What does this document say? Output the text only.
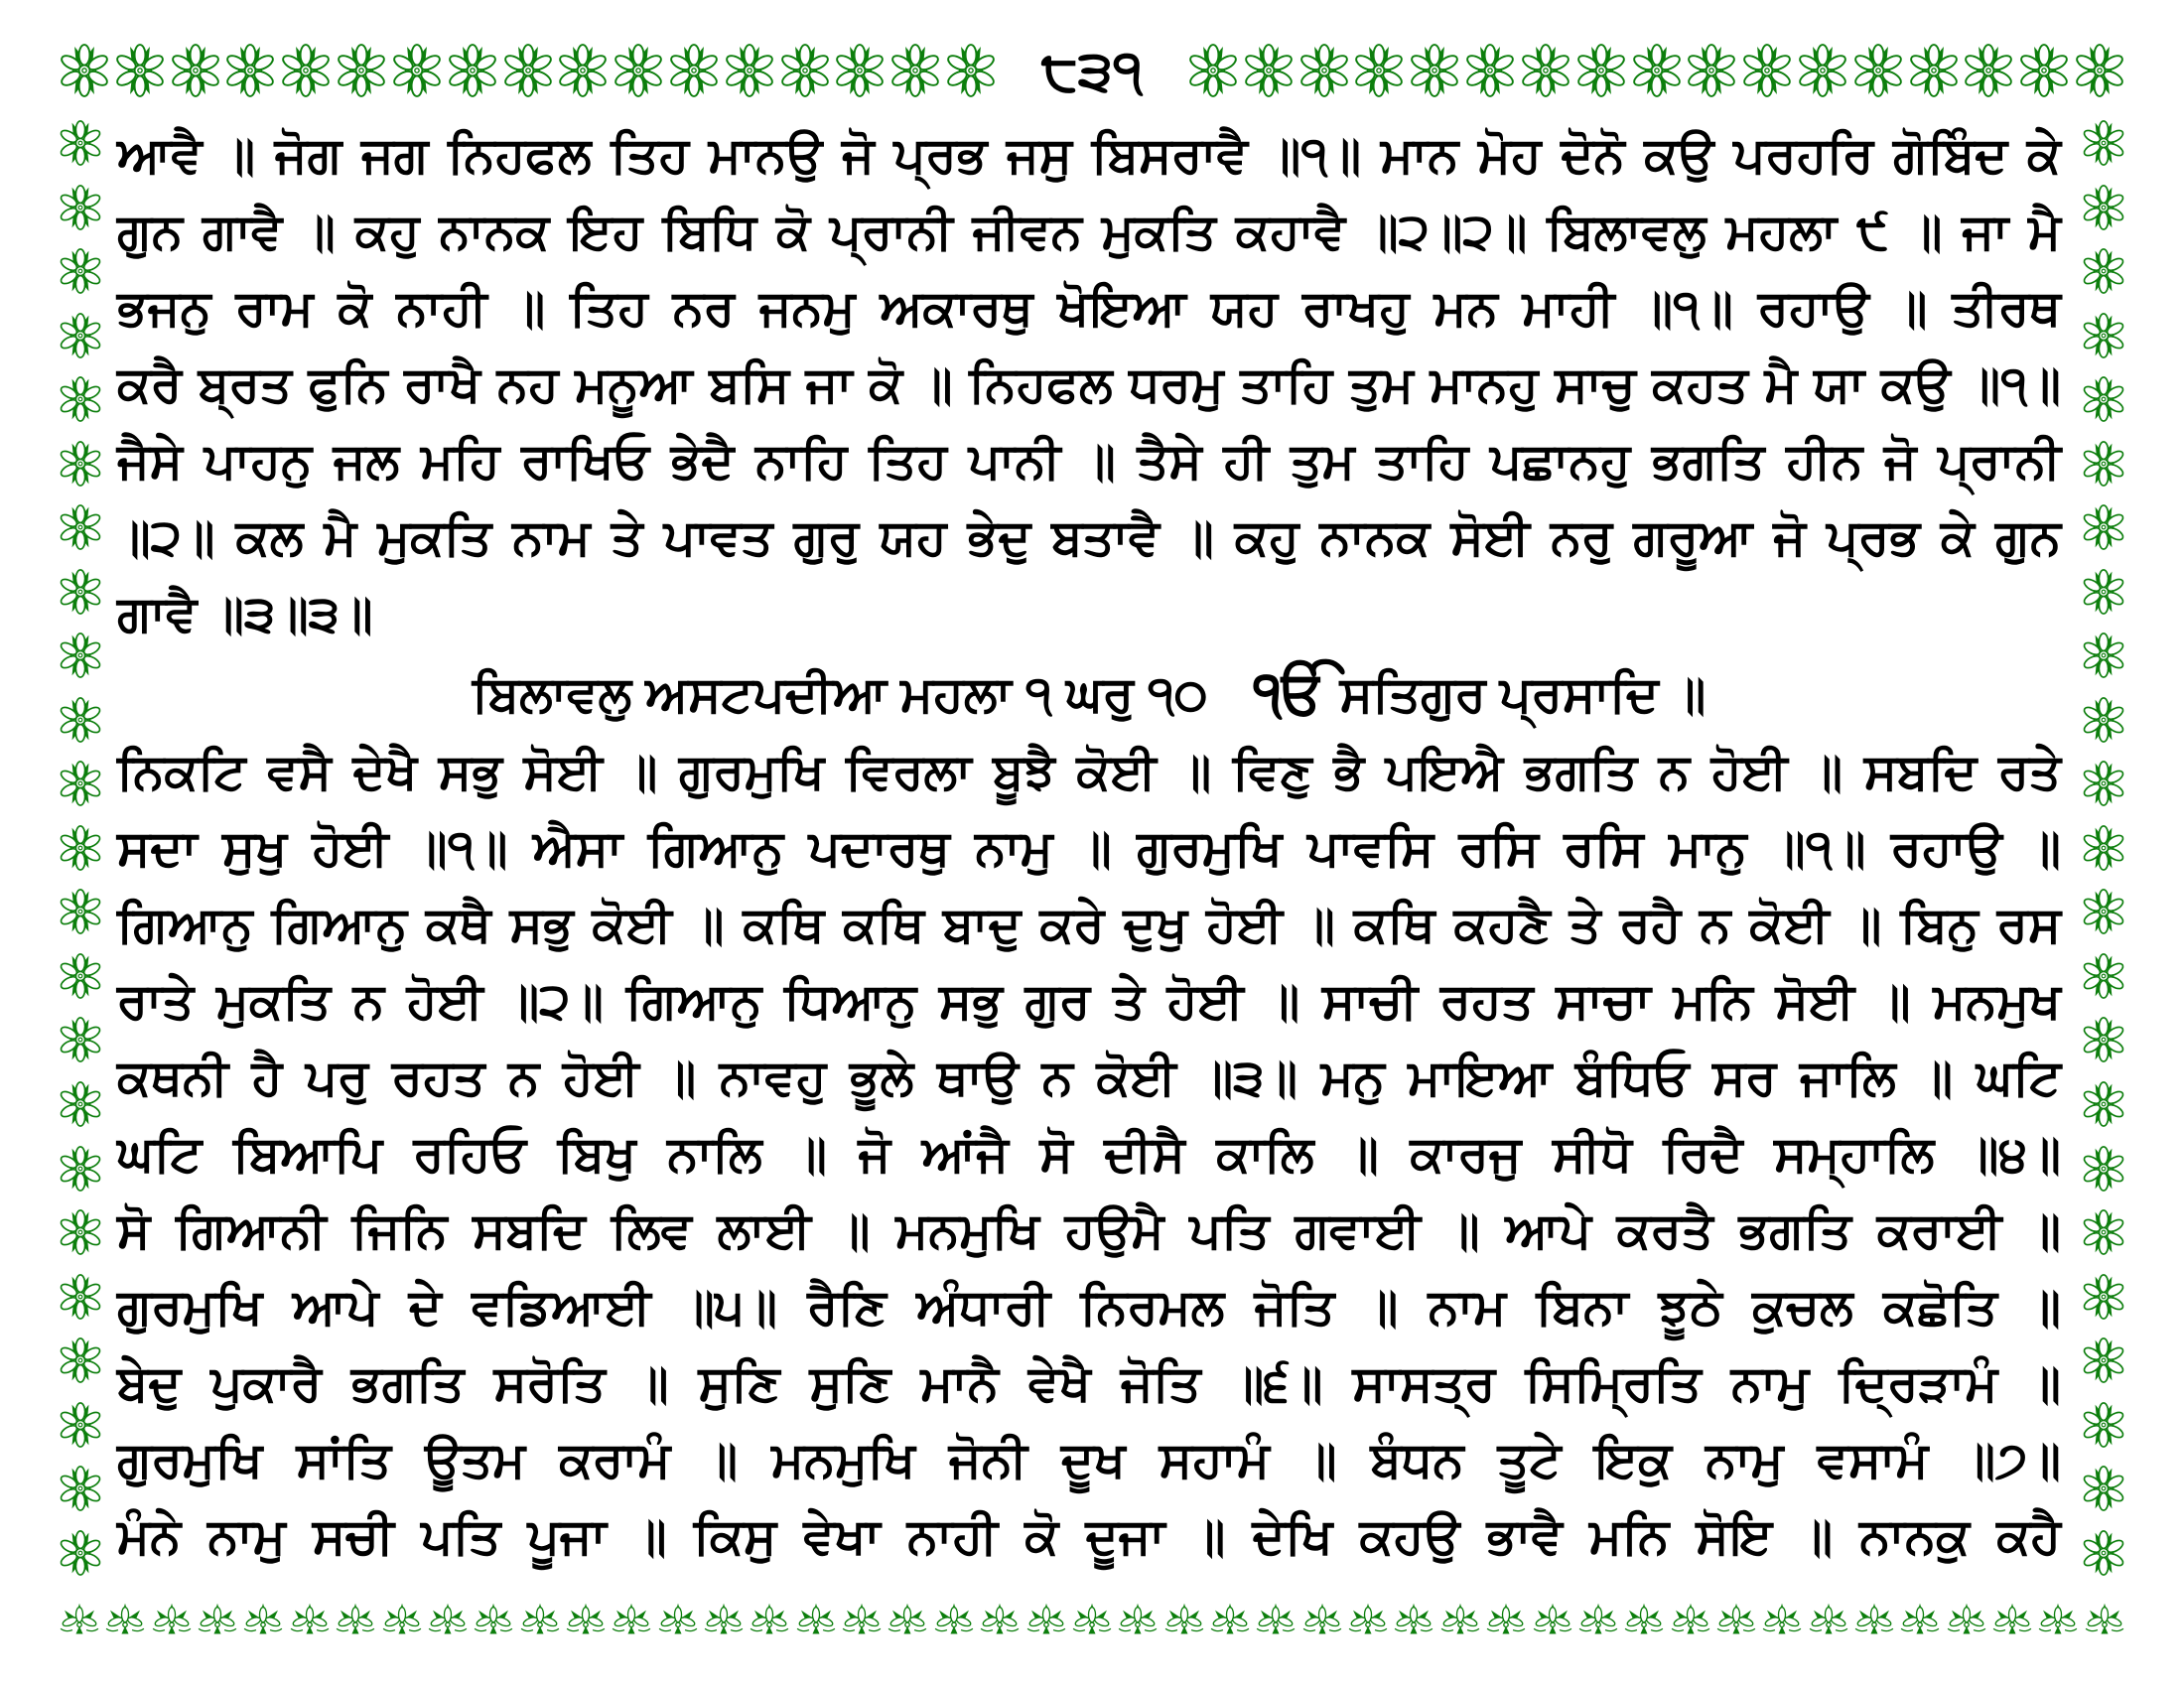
੮੩੧
ਆਵੈ ॥ ਜੋਗ ਜਗ ਨਿਹਫਲ ਤਿਹ ਮਾਨਉ ਜੋ ਪ੍ਰਭ ਜਸੁ ਬਿਸਰਾਵੈ ॥੧॥ ਮਾਨ ਮੋਹ ਦੋਨੋ ਕਉ ਪਰਹਰਿ ਗੋਬਿੰਦ ਕੇ
ਗੁਨ ਗਾਵੈ ॥ ਕਹੁ ਨਾਨਕ ਇਹ ਬਿਧਿ ਕੋ ਪ੍ਰਾਨੀ ਜੀਵਨ ਮੁਕਤਿ ਕਹਾਵੈ ॥੨॥੨॥ ਬਿਲਾਵਲੁ ਮਹਲਾ ੯ ॥ ਜਾ ਮੈ
ਭਜਨੁ ਰਾਮ ਕੋ ਨਾਹੀ ॥ ਤਿਹ ਨਰ ਜਨਮੁ ਅਕਾਰਥੁ ਖੋਇਆ ਯਹ ਰਾਖਹੁ ਮਨ ਮਾਹੀ ॥੧॥ ਰਹਾਉ ॥ ਤੀਰਥ
ਕਰੈ ਬ੍ਰਤ ਫੁਨਿ ਰਾਖੈ ਨਹ ਮਨੂਆ ਬਸਿ ਜਾ ਕੋ ॥ ਨਿਹਫਲ ਧਰਮੁ ਤਾਹਿ ਤੁਮ ਮਾਨਹੁ ਸਾਚੁ ਕਹਤ ਮੈ ਯਾ ਕਉ ॥੧॥
ਜੈਸੇ ਪਾਹਨੁ ਜਲ ਮਹਿ ਰਾਖਿਓ ਭੇਦੈ ਨਾਹਿ ਤਿਹ ਪਾਨੀ ॥ ਤੈਸੇ ਹੀ ਤੁਮ ਤਾਹਿ ਪਛਾਨਹੁ ਭਗਤਿ ਹੀਨ ਜੋ ਪ੍ਰਾਨੀ
॥੨॥ ਕਲ ਮੈ ਮੁਕਤਿ ਨਾਮ ਤੇ ਪਾਵਤ ਗੁਰੁ ਯਹ ਭੇਦੁ ਬਤਾਵੈ ॥ ਕਹੁ ਨਾਨਕ ਸੋਈ ਨਰੁ ਗਰੂਆ ਜੋ ਪ੍ਰਭ ਕੇ ਗੁਨ
ਗਾਵੈ ॥੩॥੩॥
ਬਿਲਾਵਲੁ ਅਸਟਪਦੀਆ ਮਹਲਾ ੧ ਘਰੁ ੧੦ ੴ ਸਤਿਗੁਰ ਪ੍ਰਸਾਦਿ ॥
ਨਿਕਟਿ ਵਸੈ ਦੇਖੈ ਸਭੁ ਸੋਈ ॥ ਗੁਰਮੁਖਿ ਵਿਰਲਾ ਬੂਝੈ ਕੋਈ ॥ ਵਿਣੁ ਭੈ ਪਇਐ ਭਗਤਿ ਨ ਹੋਈ ॥ ਸਬਦਿ ਰਤੇ
ਸਦਾ ਸੁਖੁ ਹੋਈ ॥੧॥ ਐਸਾ ਗਿਆਨੁ ਪਦਾਰਥੁ ਨਾਮੁ ॥ ਗੁਰਮੁਖਿ ਪਾਵਸਿ ਰਸਿ ਰਸਿ ਮਾਨੁ ॥੧॥ ਰਹਾਉ ॥
ਗਿਆਨੁ ਗਿਆਨੁ ਕਥੈ ਸਭੁ ਕੋਈ ॥ ਕਥਿ ਕਥਿ ਬਾਦੁ ਕਰੇ ਦੁਖੁ ਹੋਈ ॥ ਕਥਿ ਕਹਣੈ ਤੇ ਰਹੈ ਨ ਕੋਈ ॥ ਬਿਨੁ ਰਸ
ਰਾਤੇ ਮੁਕਤਿ ਨ ਹੋਈ ॥੨॥ ਗਿਆਨੁ ਧਿਆਨੁ ਸਭੁ ਗੁਰ ਤੇ ਹੋਈ ॥ ਸਾਚੀ ਰਹਤ ਸਾਚਾ ਮਨਿ ਸੋਈ ॥ ਮਨਮੁਖ
ਕਥਨੀ ਹੈ ਪਰੁ ਰਹਤ ਨ ਹੋਈ ॥ ਨਾਵਹੁ ਭੂਲੇ ਥਾਉ ਨ ਕੋਈ ॥੩॥ ਮਨੁ ਮਾਇਆ ਬੰਧਿਓ ਸਰ ਜਾਲਿ ॥ ਘਟਿ
ਘਟਿ ਬਿਆਪਿ ਰਹਿਓ ਬਿਖੁ ਨਾਲਿ ॥ ਜੋ ਆਂਜੈ ਸੋ ਦੀਸੈ ਕਾਲਿ ॥ ਕਾਰਜੁ ਸੀਧੋ ਰਿਦੈ ਸਮ੍ਹਾਲਿ ॥੪॥
ਸੋ ਗਿਆਨੀ ਜਿਨਿ ਸਬਦਿ ਲਿਵ ਲਾਈ ॥ ਮਨਮੁਖਿ ਹਉਮੈ ਪਤਿ ਗਵਾਈ ॥ ਆਪੇ ਕਰਤੈ ਭਗਤਿ ਕਰਾਈ ॥
ਗੁਰਮੁਖਿ ਆਪੇ ਦੇ ਵਡਿਆਈ ॥੫॥ ਰੈਣਿ ਅੰਧਾਰੀ ਨਿਰਮਲ ਜੋਤਿ ॥ ਨਾਮ ਬਿਨਾ ਝੂਠੇ ਕੁਚਲ ਕਛੋਤਿ ॥
ਬੇਦੁ ਪੁਕਾਰੈ ਭਗਤਿ ਸਰੋਤਿ ॥ ਸੁਣਿ ਸੁਣਿ ਮਾਨੈ ਵੇਖੈ ਜੋਤਿ ॥੬॥ ਸਾਸਤ੍ਰ ਸਿਮ੍ਰਿਤਿ ਨਾਮੁ ਦ੍ਰਿੜਾਮੰ ॥
ਗੁਰਮੁਖਿ ਸਾਂਤਿ ਊਤਮ ਕਰਾਮੰ ॥ ਮਨਮੁਖਿ ਜੋਨੀ ਦੂਖ ਸਹਾਮੰ ॥ ਬੰਧਨ ਤੂਟੇ ਇਕੁ ਨਾਮੁ ਵਸਾਮੰ ॥੭॥
ਮੰਨੇ ਨਾਮੁ ਸਚੀ ਪਤਿ ਪੂਜਾ ॥ ਕਿਸੁ ਵੇਖਾ ਨਾਹੀ ਕੋ ਦੂਜਾ ॥ ਦੇਖਿ ਕਹਉ ਭਾਵੈ ਮਨਿ ਸੋਇ ॥ ਨਾਨਕੁ ਕਹੈ
